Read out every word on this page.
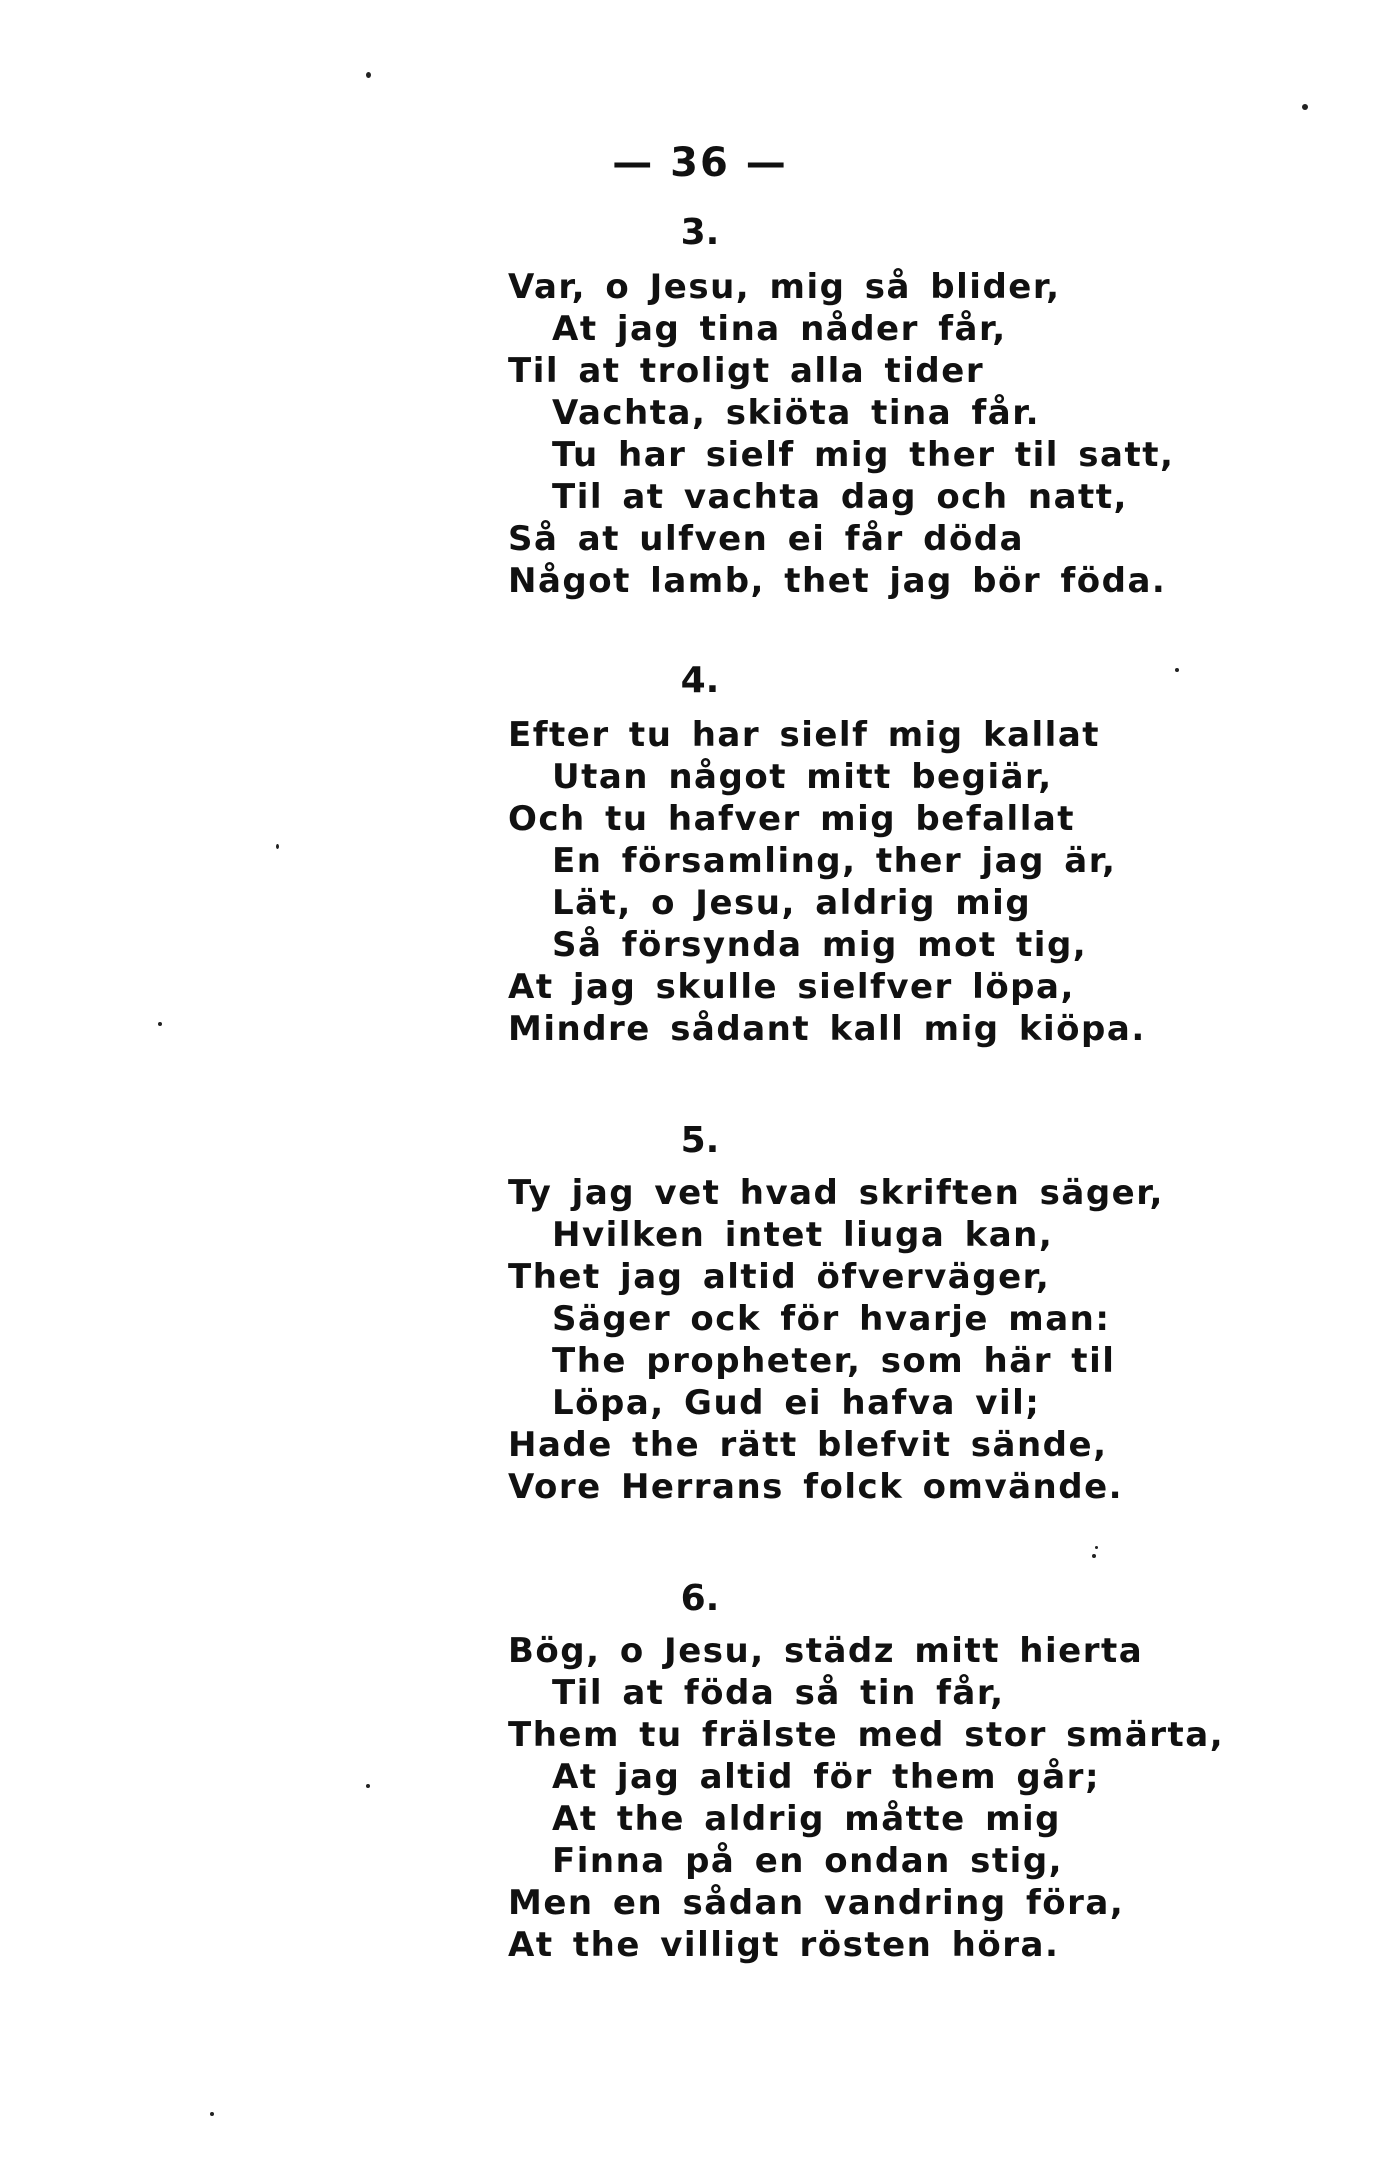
— 36 —
3.
Var, o Jesu, mig så blider,
At jag tina nåder får,
Til at troligt alla tider
Vachta, skiöta tina får.
Tu har sielf mig ther til satt,
Til at vachta dag och natt,
Så at ulfven ei får döda
Något lamb, thet jag bör föda.
4.
Efter tu har sielf mig kallat
Utan något mitt begiär,
Och tu hafver mig befallat
En församling, ther jag är,
Lät, o Jesu, aldrig mig
Så försynda mig mot tig,
At jag skulle sielfver löpa,
Mindre sådant kall mig kiöpa.
5.
Ty jag vet hvad skriften säger,
Hvilken intet liuga kan,
Thet jag altid öfverväger,
Säger ock för hvarje man:
The propheter, som här til
Löpa, Gud ei hafva vil;
Hade the rätt blefvit sände,
Vore Herrans folck omvände.
6.
Bög, o Jesu, städz mitt hierta
Til at föda så tin får,
Them tu frälste med stor smärta,
At jag altid för them går;
At the aldrig måtte mig
Finna på en ondan stig,
Men en sådan vandring föra,
At the villigt rösten höra.
